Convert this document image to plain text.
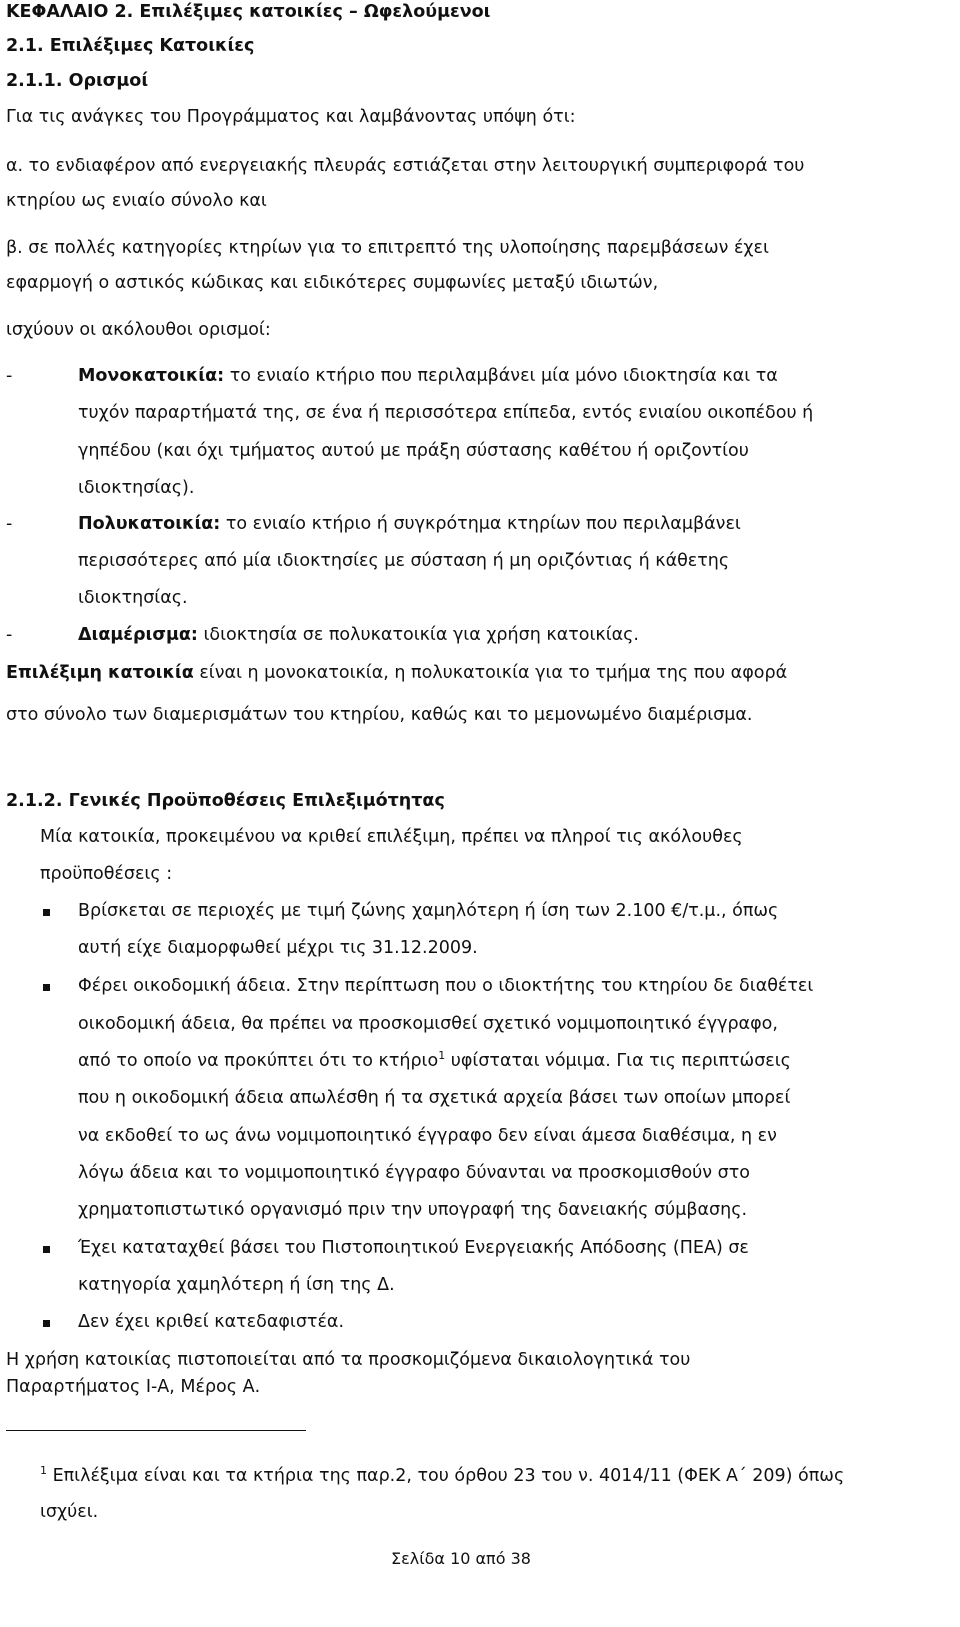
ΚΕΦΑΛΑΙΟ 2. Επιλέξιμες κατοικίες – Ωφελούμενοι
2.1. Επιλέξιμες Κατοικίες
2.1.1. Ορισμοί
Για τις ανάγκες του Προγράμματος και λαμβάνοντας υπόψη ότι:
α. το ενδιαφέρον από ενεργειακής πλευράς εστιάζεται στην λειτουργική συμπεριφορά του
κτηρίου ως ενιαίο σύνολο και
β. σε πολλές κατηγορίες κτηρίων για το επιτρεπτό της υλοποίησης παρεμβάσεων έχει
εφαρμογή ο αστικός κώδικας και ειδικότερες συμφωνίες μεταξύ ιδιωτών,
ισχύουν οι ακόλουθοι ορισμοί:
-	Μονοκατοικία: το ενιαίο κτήριο που περιλαμβάνει μία μόνο ιδιοκτησία και τα
τυχόν παραρτήματά της, σε ένα ή περισσότερα επίπεδα, εντός ενιαίου οικοπέδου ή
γηπέδου (και όχι τμήματος αυτού με πράξη σύστασης καθέτου ή οριζοντίου
ιδιοκτησίας).
-	Πολυκατοικία: το ενιαίο κτήριο ή συγκρότημα κτηρίων που περιλαμβάνει
περισσότερες από μία ιδιοκτησίες με σύσταση ή μη οριζόντιας ή κάθετης
ιδιοκτησίας.
-	Διαμέρισμα: ιδιοκτησία σε πολυκατοικία για χρήση κατοικίας.
Επιλέξιμη κατοικία είναι η μονοκατοικία, η πολυκατοικία για το τμήμα της που αφορά
στο σύνολο των διαμερισμάτων του κτηρίου, καθώς και το μεμονωμένο διαμέρισμα.
2.1.2. Γενικές Προϋποθέσεις Επιλεξιμότητας
Μία κατοικία, προκειμένου να κριθεί επιλέξιμη, πρέπει να πληροί τις ακόλουθες
προϋποθέσεις :
Βρίσκεται σε περιοχές με τιμή ζώνης χαμηλότερη ή ίση των 2.100 €/τ.μ., όπως
αυτή είχε διαμορφωθεί μέχρι τις 31.12.2009.
Φέρει οικοδομική άδεια. Στην περίπτωση που ο ιδιοκτήτης του κτηρίου δε διαθέτει
οικοδομική άδεια, θα πρέπει να προσκομισθεί σχετικό νομιμοποιητικό έγγραφο,
από το οποίο να προκύπτει ότι το κτήριο$^1$ υφίσταται νόμιμα. Για τις περιπτώσεις
που η οικοδομική άδεια απωλέσθη ή τα σχετικά αρχεία βάσει των οποίων μπορεί
να εκδοθεί το ως άνω νομιμοποιητικό έγγραφο δεν είναι άμεσα διαθέσιμα, η εν
λόγω άδεια και το νομιμοποιητικό έγγραφο δύνανται να προσκομισθούν στο
χρηματοπιστωτικό οργανισμό πριν την υπογραφή της δανειακής σύμβασης.
Έχει καταταχθεί βάσει του Πιστοποιητικού Ενεργειακής Απόδοσης (ΠΕΑ) σε
κατηγορία χαμηλότερη ή ίση της Δ.
Δεν έχει κριθεί κατεδαφιστέα.
Η χρήση κατοικίας πιστοποιείται από τα προσκομιζόμενα δικαιολογητικά του
Παραρτήματος Ι-Α, Μέρος Α.
$^1$ Επιλέξιμα είναι και τα κτήρια της παρ.2, του όρθου 23 του ν. 4014/11 (ΦΕΚ Α΄ 209) όπως
ισχύει.
Σελίδα 10 από 38
